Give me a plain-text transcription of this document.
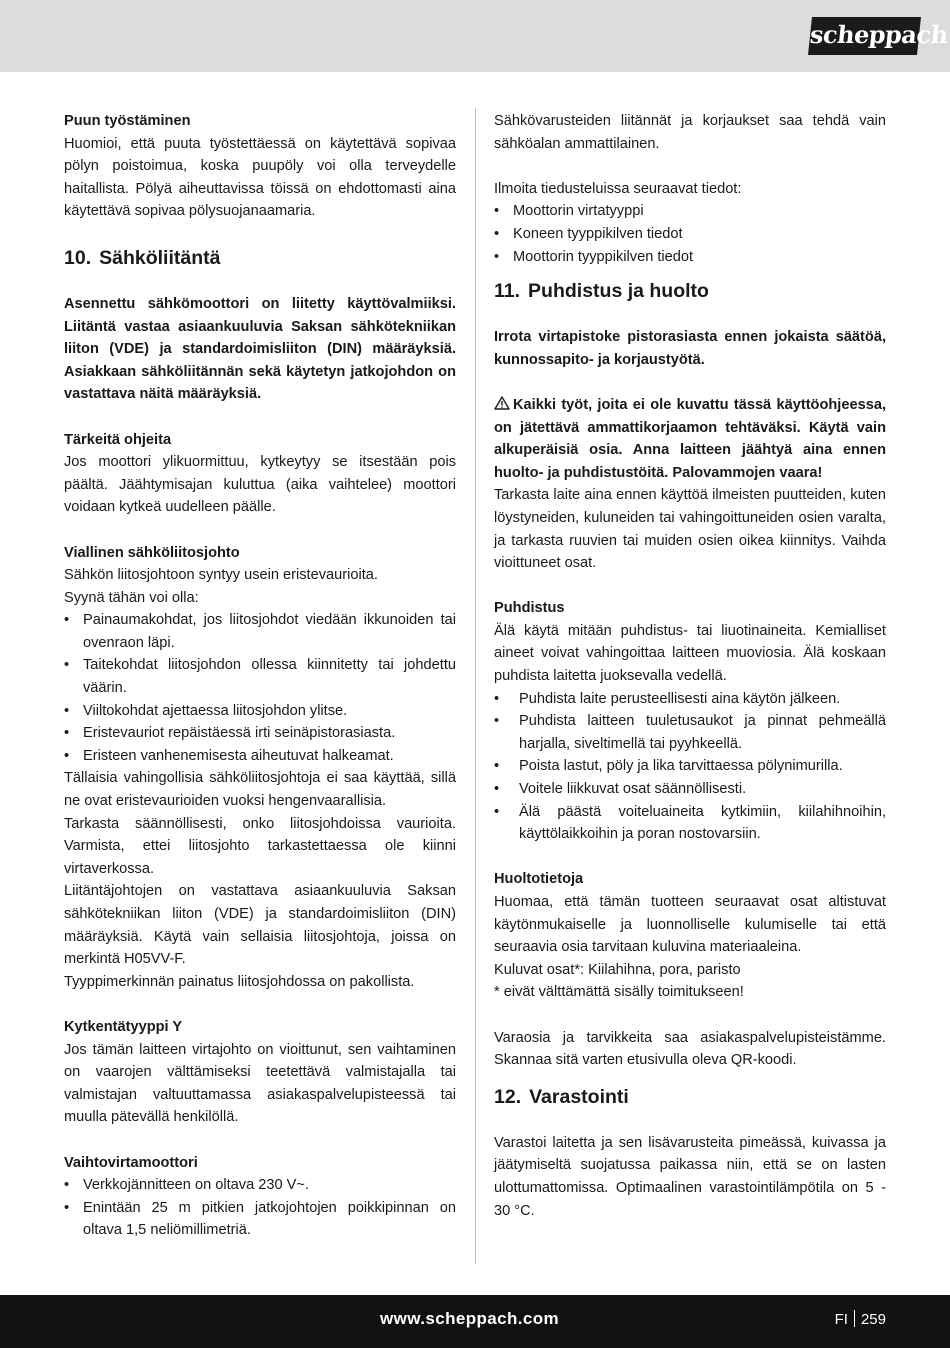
scheppach

Puun työstäminen

Huomioi, että puuta työstettäessä on käytettävä sopivaa pölyn poistoimua, koska puupöly voi olla terveydelle haitallista. Pölyä aiheuttavissa töissä on ehdottomasti aina käytettävä sopivaa pölysuojanaamaria.

10. Sähköliitäntä

Asennettu sähkömoottori on liitetty käyttövalmiiksi. Liitäntä vastaa asiaankuuluvia Saksan sähkötekniikan liiton (VDE) ja standardoimisliiton (DIN) määräyksiä. Asiakkaan sähköliitännän sekä käytetyn jatkojohdon on vastattava näitä määräyksiä.

Tärkeitä ohjeita

Jos moottori ylikuormittuu, kytkeytyy se itsestään pois päältä. Jäähtymisajan kuluttua (aika vaihtelee) moottori voidaan kytkeä uudelleen päälle.

Viallinen sähköliitosjohto

Sähkön liitosjohtoon syntyy usein eristevaurioita.

Syynä tähän voi olla:

• Painaumakohdat, jos liitosjohdot viedään ikkunoiden tai ovenraon läpi.
• Taitekohdat liitosjohdon ollessa kiinnitetty tai johdettu väärin.
• Viiltokohdat ajettaessa liitosjohdon ylitse.
• Eristevauriot repäistäessä irti seinäpistorasiasta.
• Eristeen vanhenemisesta aiheutuvat halkeamat.

Tällaisia vahingollisia sähköliitosjohtoja ei saa käyttää, sillä ne ovat eristevaurioiden vuoksi hengenvaarallisia.

Tarkasta säännöllisesti, onko liitosjohdoissa vaurioita. Varmista, ettei liitosjohto tarkastettaessa ole kiinni virtaverkossa.

Liitäntäjohtojen on vastattava asiaankuuluvia Saksan sähkötekniikan liiton (VDE) ja standardoimisliiton (DIN) määräyksiä. Käytä vain sellaisia liitosjohtoja, joissa on merkintä H05VV-F.

Tyyppimerkinnän painatus liitosjohdossa on pakollista.

Kytkentätyyppi Y

Jos tämän laitteen virtajohto on vioittunut, sen vaihtaminen on vaarojen välttämiseksi teetettävä valmistajalla tai valmistajan valtuuttamassa asiakaspalvelupisteessä tai muulla pätevällä henkilöllä.

Vaihtovirtamoottori

• Verkkojännitteen on oltava 230 V~.
• Enintään 25 m pitkien jatkojohtojen poikkipinnan on oltava 1,5 neliömillimetriä.

Sähkövarusteiden liitännät ja korjaukset saa tehdä vain sähköalan ammattilainen.

Ilmoita tiedusteluissa seuraavat tiedot:

• Moottorin virtatyyppi
• Koneen tyyppikilven tiedot
• Moottorin tyyppikilven tiedot
11. Puhdistus ja huolto

Irrota virtapistoke pistorasiasta ennen jokaista säätöä, kunnossapito- ja korjaustyötä.

Kaikki työt, joita ei ole kuvattu tässä käyttöohjeessa, on jätettävä ammattikorjaamon tehtäväksi. Käytä vain alkuperäisiä osia. Anna laitteen jäähtyä aina ennen huolto- ja puhdistustöitä. Palovammojen vaara!

Tarkasta laite aina ennen käyttöä ilmeisten puutteiden, kuten löystyneiden, kuluneiden tai vahingoittuneiden osien varalta, ja tarkasta ruuvien tai muiden osien oikea kiinnitys. Vaihda vioittuneet osat.

Puhdistus

Älä käytä mitään puhdistus- tai liuotinaineita. Kemialliset aineet voivat vahingoittaa laitteen muoviosia. Älä koskaan puhdista laitetta juoksevalla vedellä.

• Puhdista laite perusteellisesti aina käytön jälkeen.
• Puhdista laitteen tuuletusaukot ja pinnat pehmeällä harjalla, siveltimellä tai pyyhkeellä.
• Poista lastut, pöly ja lika tarvittaessa pölynimurilla.
• Voitele liikkuvat osat säännöllisesti.
• Älä päästä voiteluaineita kytkimiin, kiilahihnoihin, käyttölaikkoihin ja poran nostovarsiin.

Huoltotietoja

Huomaa, että tämän tuotteen seuraavat osat altistuvat käytönmukaiselle ja luonnolliselle kulumiselle tai että seuraavia osia tarvitaan kuluvina materiaaleina.

Kuluvat osat*: Kiilahihna, pora, paristo

* eivät välttämättä sisälly toimitukseen!

Varaosia ja tarvikkeita saa asiakaspalvelupisteistämme. Skannaa sitä varten etusivulla oleva QR-koodi.

12. Varastointi

Varastoi laitetta ja sen lisävarusteita pimeässä, kuivassa ja jäätymiseltä suojatussa paikassa niin, että se on lasten ulottumattomissa. Optimaalinen varastointilämpötila on 5 - 30 °C.

www.scheppach.com	FI 259
